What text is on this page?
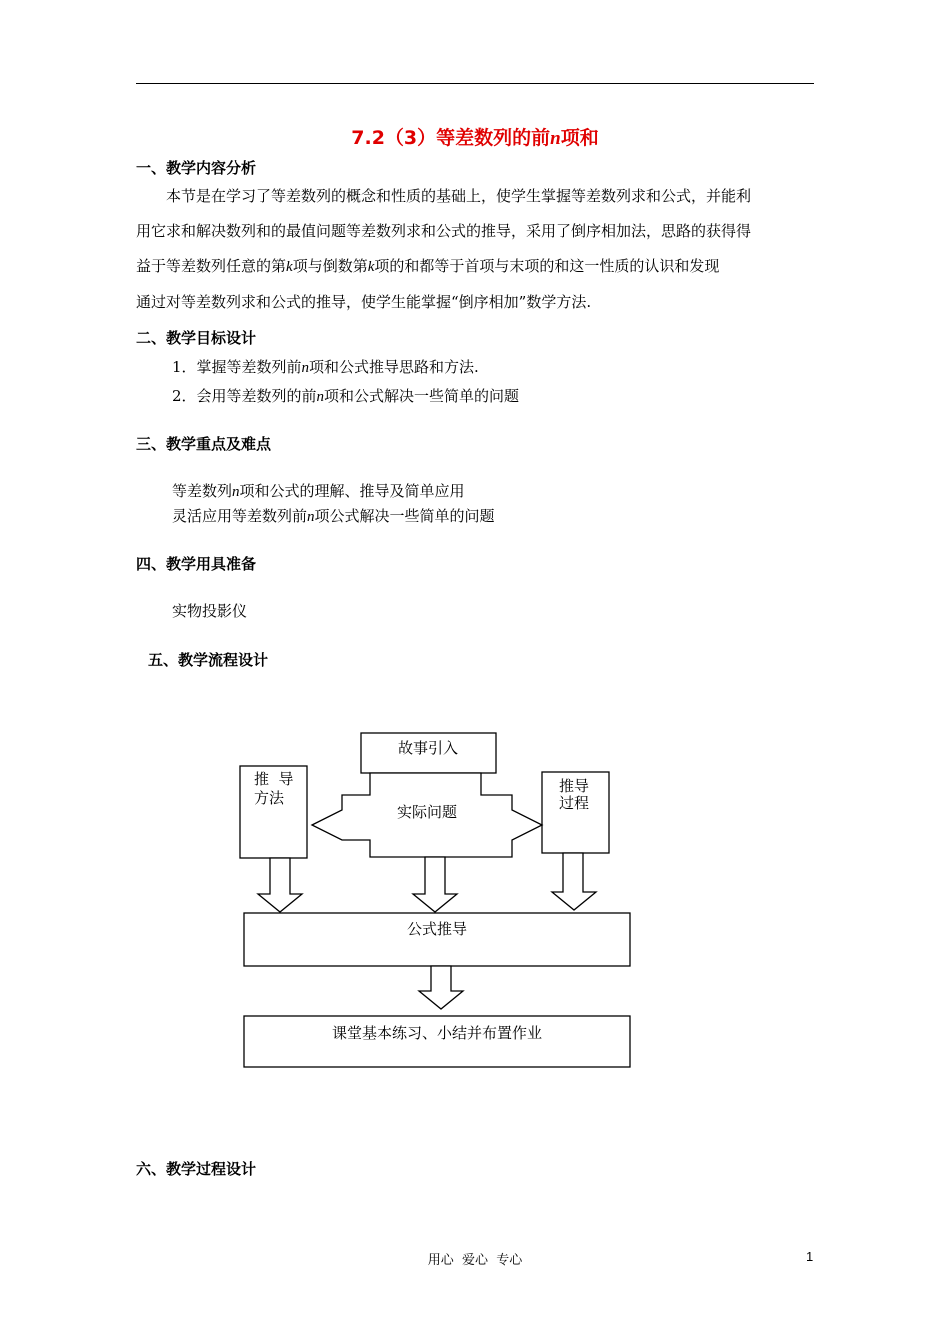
7.2（3）等差数列的前n项和
一、教学内容分析
本节是在学习了等差数列的概念和性质的基础上，使学生掌握等差数列求和公式，并能利
用它求和解决数列和的最值问题等差数列求和公式的推导，采用了倒序相加法，思路的获得得
益于等差数列任意的第k项与倒数第k项的和都等于首项与末项的和这一性质的认识和发现
通过对等差数列求和公式的推导，使学生能掌握“倒序相加”数学方法.
二、教学目标设计
1．掌握等差数列前n项和公式推导思路和方法.
2．会用等差数列的前n项和公式解决一些简单的问题
三、教学重点及难点
等差数列n项和公式的理解、推导及简单应用
灵活应用等差数列前n项公式解决一些简单的问题
四、教学用具准备
实物投影仪
五、教学流程设计
故事引入
推  导
方法
实际问题
推导
过程
公式推导
课堂基本练习、小结并布置作业
六、教学过程设计
用心  爱心  专心	1
